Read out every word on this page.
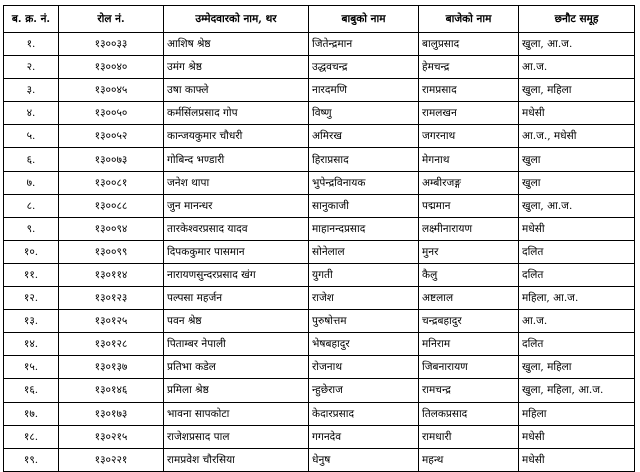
ब. क्र. नं.	रोल नं.	उम्मेदवारको नाम, थर	बाबुको नाम	बाजेको नाम	छनौट समूह
१.	१३००३३	आशिष श्रेष्ठ	जितेन्द्रमान	बालुप्रसाद	खुला, आ.ज.
२.	१३००४०	उमंग श्रेष्ठ	उद्धवचन्द्र	हेमचन्द्र	आ.ज.
३.	१३००४५	उषा काफ्ले	नारदमणि	रामप्रसाद	खुला, महिला
४.	१३००५०	कर्मसिंलप्रसाद गोप	विष्णु	रामलखन	मधेसी
५.	१३००५२	कान्जयकुमार चौधरी	अमिरख	जगरनाथ	आ.ज., मधेसी
६.	१३००७३	गोबिन्द भण्डारी	हिराप्रसाद	मेगनाथ	खुला
७.	१३००८१	जनेश थापा	भुपेन्द्रविनायक	अम्बीरजङ्ग	खुला
८.	१३००८८	जुन मानन्धर	सानुकाजी	पद्ममान	खुला, आ.ज.
९.	१३००९४	तारकेश्वरप्रसाद यादव	माहानन्दप्रसाद	लक्ष्मीनारायण	मधेसी
१०.	१३००९९	दिपककुमार पासमान	सोनेलाल	मुनर	दलित
११.	१३०११४	नारायणसुन्दरप्रसाद खंग	युगती	कैलु	दलित
१२.	१३०१२३	पल्पसा महर्जन	राजेश	अष्टलाल	महिला, आ.ज.
१३.	१३०१२५	पवन श्रेष्ठ	पुरुषोत्तम	चन्द्रबहादुर	आ.ज.
१४.	१३०१२८	पिताम्बर नेपाली	भेषबहादुर	मनिराम	दलित
१५.	१३०१३७	प्रतिभा कडेल	रोजनाथ	जिबनारायण	खुला, महिला
१६.	१३०१४६	प्रमिला श्रेष्ठ	न्हुछेराज	रामचन्द्र	खुला, महिला, आ.ज.
१७.	१३०१७३	भावना सापकोटा	केदारप्रसाद	तिलकप्रसाद	महिला
१८.	१३०२१५	राजेशप्रसाद पाल	गगनदेव	रामधारी	मधेसी
१९.	१३०२२१	रामप्रवेश चौरसिया	धेनुष	महन्थ	मधेसी
